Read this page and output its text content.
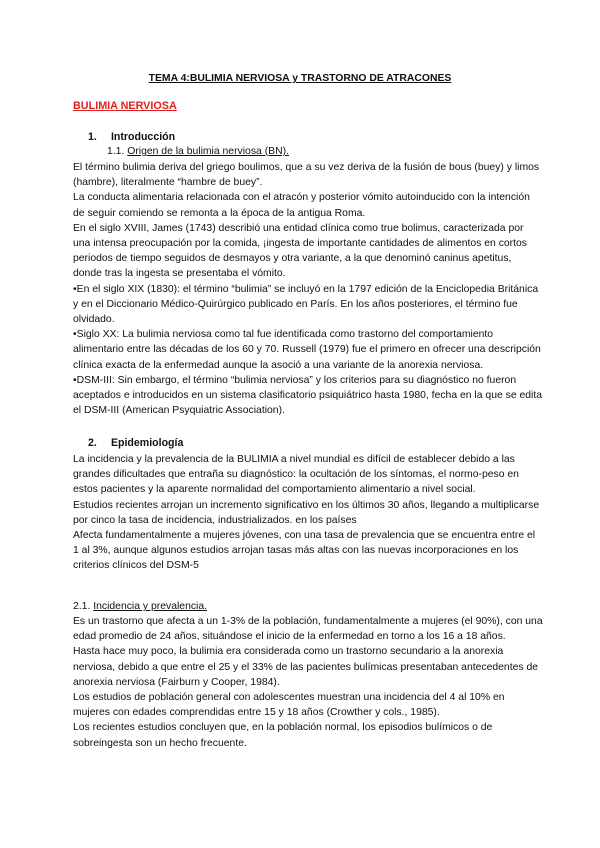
TEMA 4:BULIMIA NERVIOSA y TRASTORNO DE ATRACONES
BULIMIA NERVIOSA
1. Introducción
1.1. Origen de la bulimia nerviosa (BN).

El término bulimia deriva del griego boulimos, que a su vez deriva de la fusión de bous (buey) y limos (hambre), literalmente “hambre de buey”.

La conducta alimentaria relacionada con el atracón y posterior vómito autoinducido con la intención de seguir comiendo se remonta a la época de la antigua Roma.

En el siglo XVIII, James (1743) describió una entidad clínica como true bolimus, caracterizada por una intensa preocupación por la comida, ¡ingesta de importante cantidades de alimentos en cortos periodos de tiempo seguidos de desmayos y otra variante, a la que denominó caninus apetitus, donde tras la ingesta se presentaba el vómito.

•En el siglo XIX (1830): el término “bulimia” se incluyó en la 1797 edición de la Enciclopedia Británica y en el Diccionario Médico-Quirúrgico publicado en París. En los años posteriores, el término fue olvidado.

•Siglo XX: La bulimia nerviosa como tal fue identificada como trastorno del comportamiento alimentario entre las décadas de los 60 y 70. Russell (1979) fue el primero en ofrecer una descripción clínica exacta de la enfermedad aunque la asoció a una variante de la anorexia nerviosa.

•DSM-III: Sin embargo, el término “bulimia nerviosa” y los criterios para su diagnóstico no fueron aceptados e introducidos en un sistema clasificatorio psiquiátrico hasta 1980, fecha en la que se edita el DSM-III (American Psyquiatric Association).

2. Epidemiología

La incidencia y la prevalencia de la BULIMIA a nivel mundial es difícil de establecer debido a las grandes dificultades que entraña su diagnóstico: la ocultación de los síntomas, el normo-peso en estos pacientes y la aparente normalidad del comportamiento alimentario a nivel social.

Estudios recientes arrojan un incremento significativo en los últimos 30 años, llegando a multiplicarse por cinco la tasa de incidencia, industrializados. en los países

Afecta fundamentalmente a mujeres jóvenes, con una tasa de prevalencia que se encuentra entre el 1 al 3%, aunque algunos estudios arrojan tasas más altas con las nuevas incorporaciones en los criterios clínicos del DSM-5

2.1. Incidencia y prevalencia.

Es un trastorno que afecta a un 1-3% de la población, fundamentalmente a mujeres (el 90%), con una edad promedio de 24 años, situándose el inicio de la enfermedad en torno a los 16 a 18 años.

Hasta hace muy poco, la bulimia era considerada como un trastorno secundario a la anorexia nerviosa, debido a que entre el 25 y el 33% de las pacientes bulímicas presentaban antecedentes de anorexia nerviosa (Fairburn y Cooper, 1984).

Los estudios de población general con adolescentes muestran una incidencia del 4 al 10% en mujeres con edades comprendidas entre 15 y 18 años (Crowther y cols., 1985).

Los recientes estudios concluyen que, en la población normal, los episodios bulímicos o de sobreingesta son un hecho frecuente.
